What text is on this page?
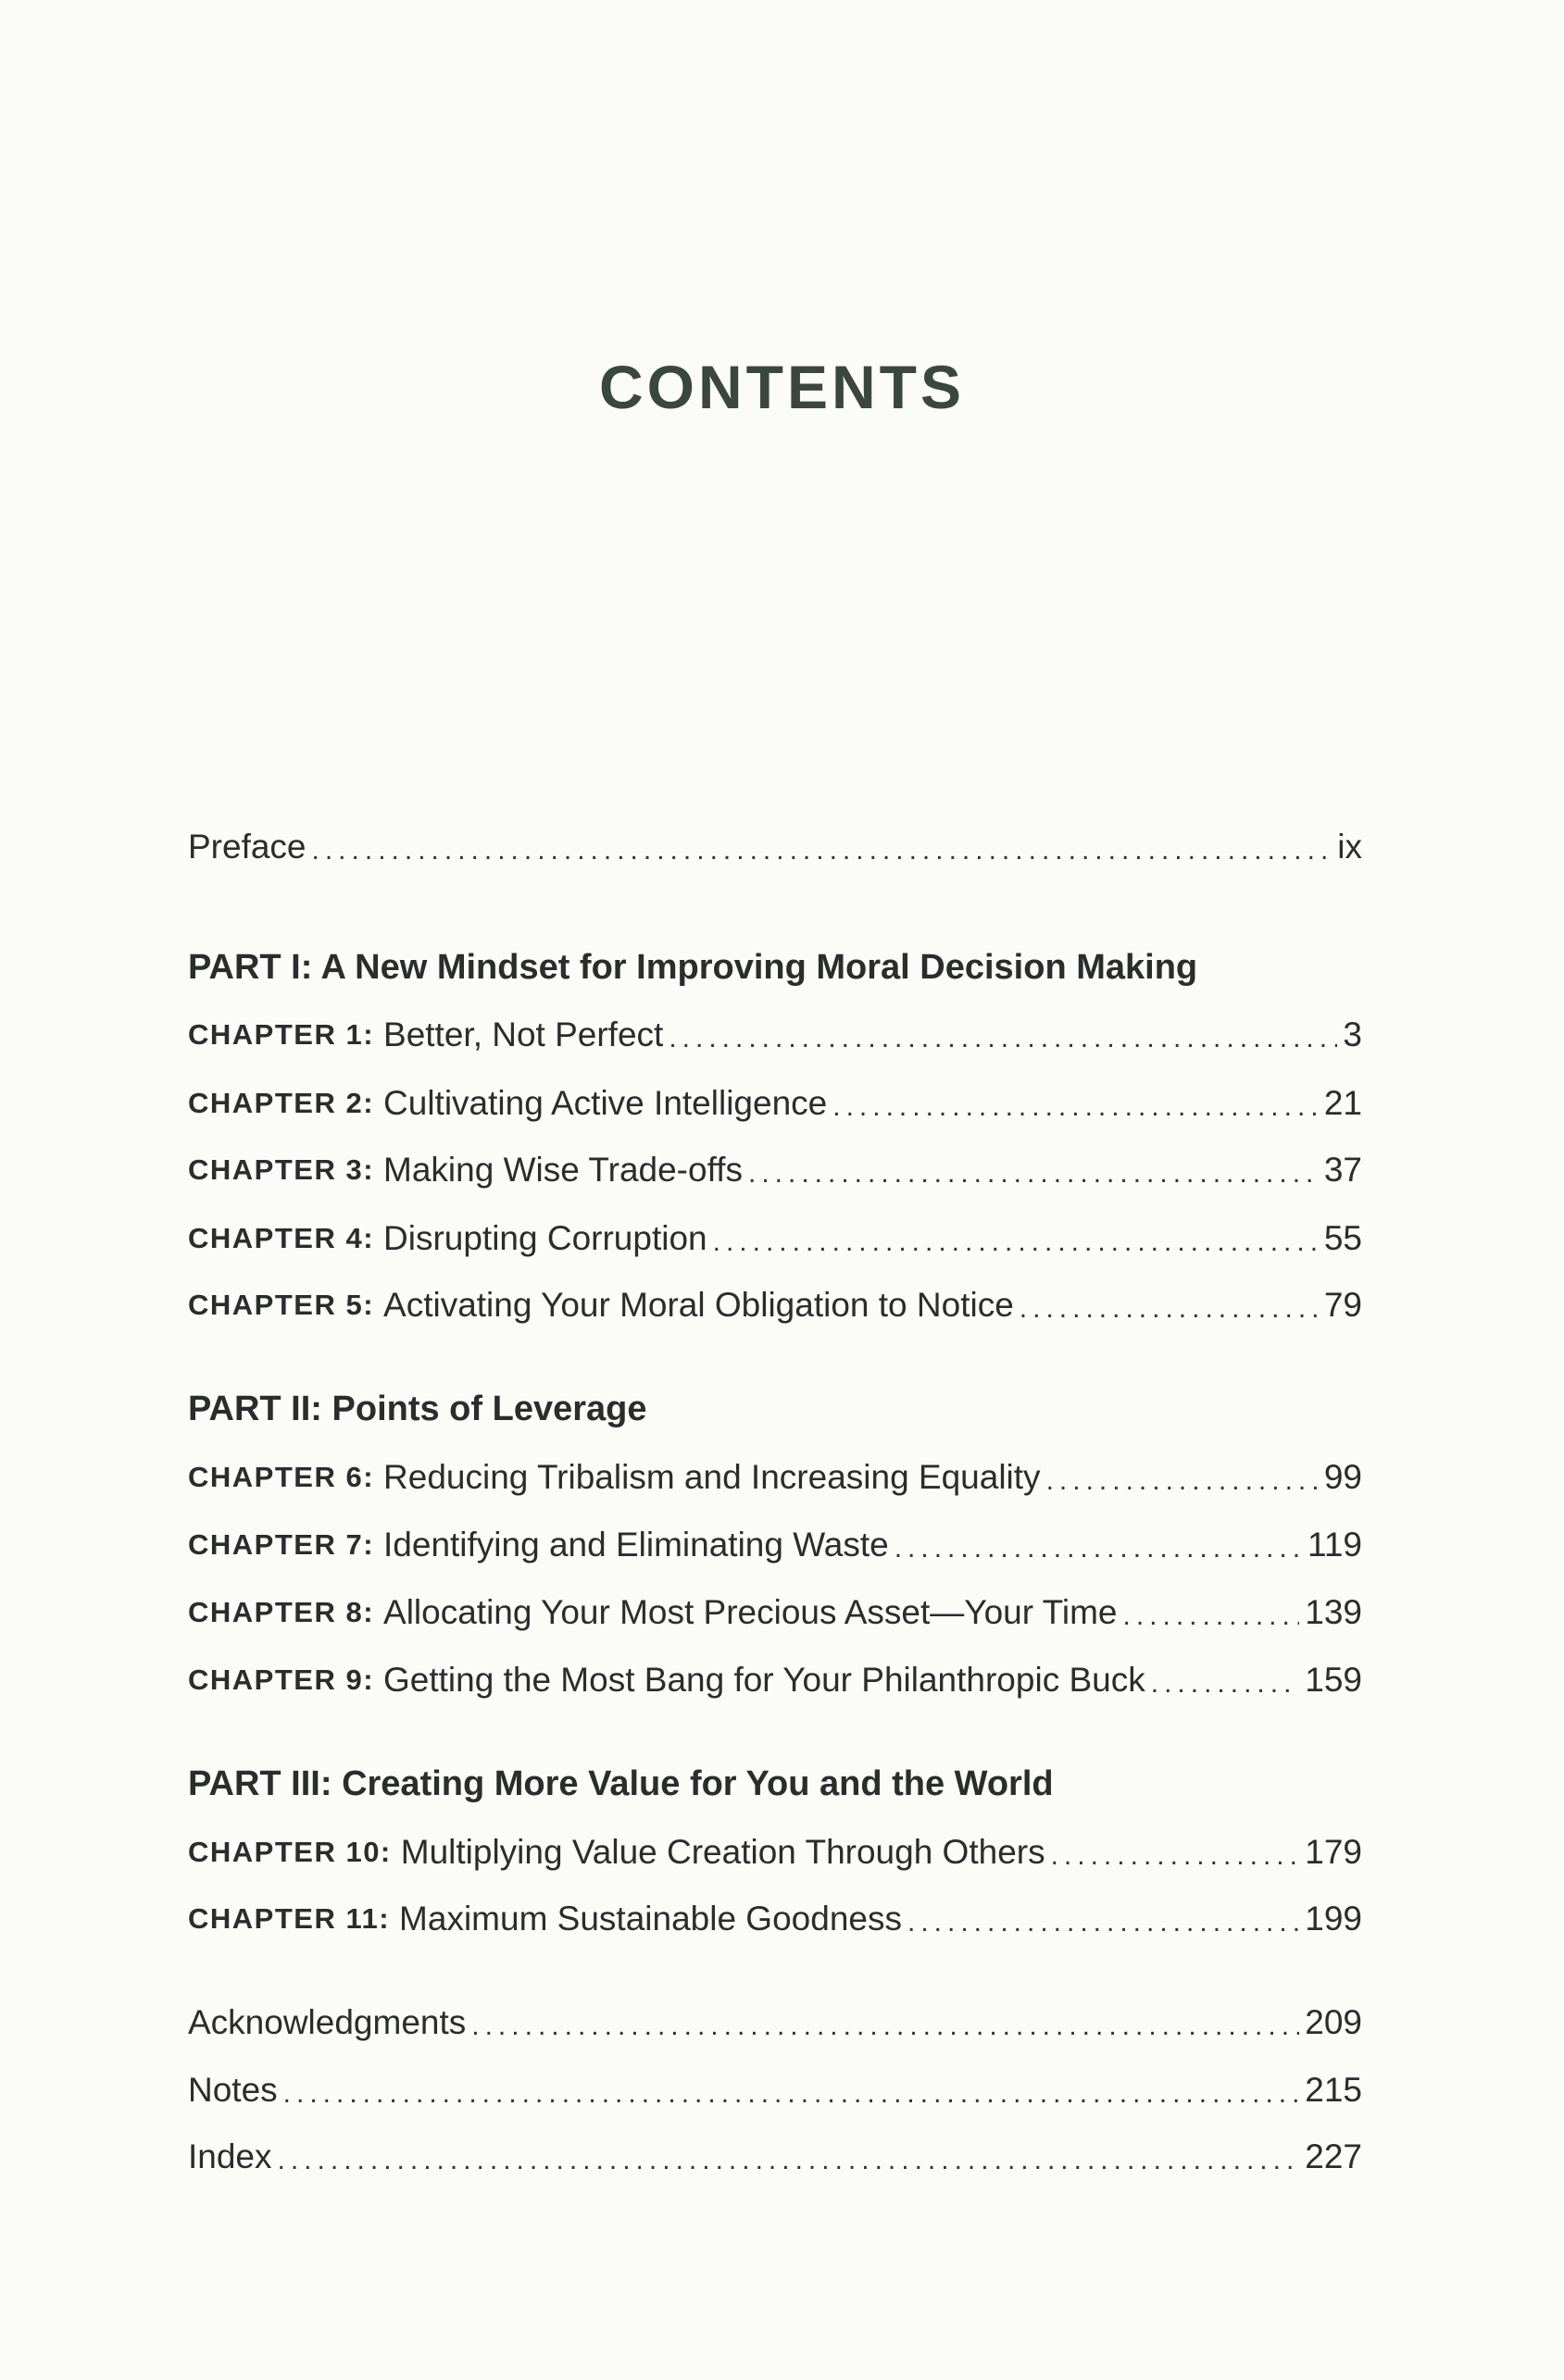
CONTENTS
Preface .....	ix
PART I: A New Mindset for Improving Moral Decision Making
CHAPTER 1: Better, Not Perfect .....	3
CHAPTER 2: Cultivating Active Intelligence .....	21
CHAPTER 3: Making Wise Trade-offs .....	37
CHAPTER 4: Disrupting Corruption .....	55
CHAPTER 5: Activating Your Moral Obligation to Notice .....	79
PART II: Points of Leverage
CHAPTER 6: Reducing Tribalism and Increasing Equality .....	99
CHAPTER 7: Identifying and Eliminating Waste .....	119
CHAPTER 8: Allocating Your Most Precious Asset—Your Time .....	139
CHAPTER 9: Getting the Most Bang for Your Philanthropic Buck .....	159
PART III: Creating More Value for You and the World
CHAPTER 10: Multiplying Value Creation Through Others .....	179
CHAPTER 11: Maximum Sustainable Goodness .....	199
Acknowledgments .....	209
Notes .....	215
Index .....	227
